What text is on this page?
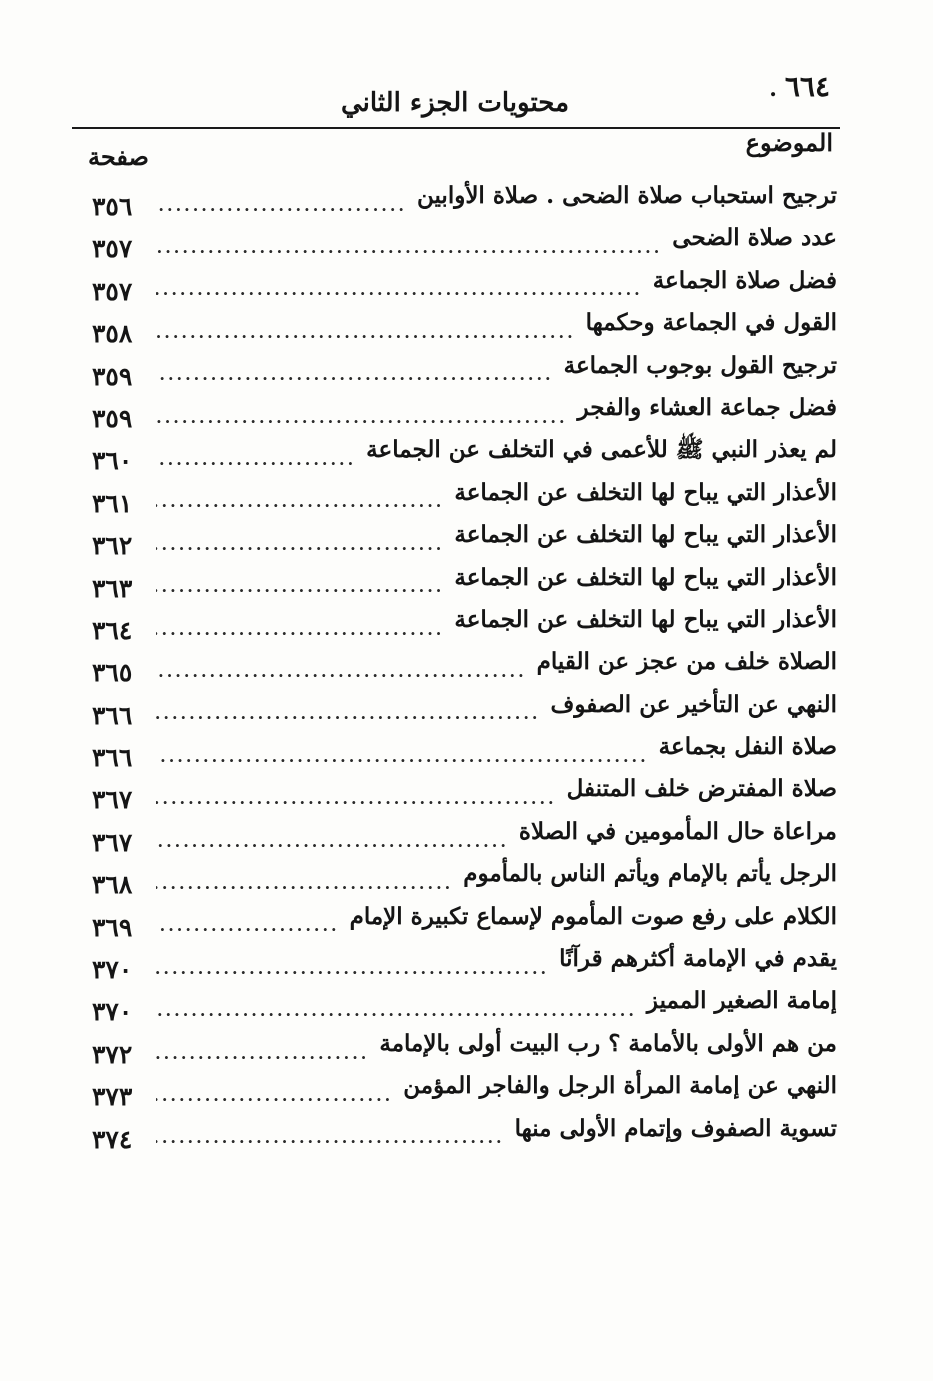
٦٦٤.
محتويات الجزء الثاني
الموضوع
صفحة
ترجيح استحباب صلاة الضحى . صلاة الأوابين
·····
٣٥٦
عدد صلاة الضحى
·····
٣٥٧
فضل صلاة الجماعة
·····
٣٥٧
القول في الجماعة وحكمها
·····
٣٥٨
ترجيح القول بوجوب الجماعة
·····
٣٥٩
فضل جماعة العشاء والفجر
·····
٣٥٩
لم يعذر النبي ﷺ للأعمى في التخلف عن الجماعة
·····
٣٦٠
الأعذار التي يباح لها التخلف عن الجماعة
·····
٣٦١
الأعذار التي يباح لها التخلف عن الجماعة
·····
٣٦٢
الأعذار التي يباح لها التخلف عن الجماعة
·····
٣٦٣
الأعذار التي يباح لها التخلف عن الجماعة
·····
٣٦٤
الصلاة خلف من عجز عن القيام
·····
٣٦٥
النهي عن التأخير عن الصفوف
·····
٣٦٦
صلاة النفل بجماعة
·····
٣٦٦
صلاة المفترض خلف المتنفل
·····
٣٦٧
مراعاة حال المأمومين في الصلاة
·····
٣٦٧
الرجل يأتم بالإمام ويأتم الناس بالمأموم
·····
٣٦٨
الكلام على رفع صوت المأموم لإسماع تكبيرة الإمام
·····
٣٦٩
يقدم في الإمامة أكثرهم قرآنًا
·····
٣٧٠
إمامة الصغير المميز
·····
٣٧٠
من هم الأولى بالأمامة ؟ رب البيت أولى بالإمامة
·····
٣٧٢
النهي عن إمامة المرأة الرجل والفاجر المؤمن
·····
٣٧٣
تسوية الصفوف وإتمام الأولى منها
·····
٣٧٤
